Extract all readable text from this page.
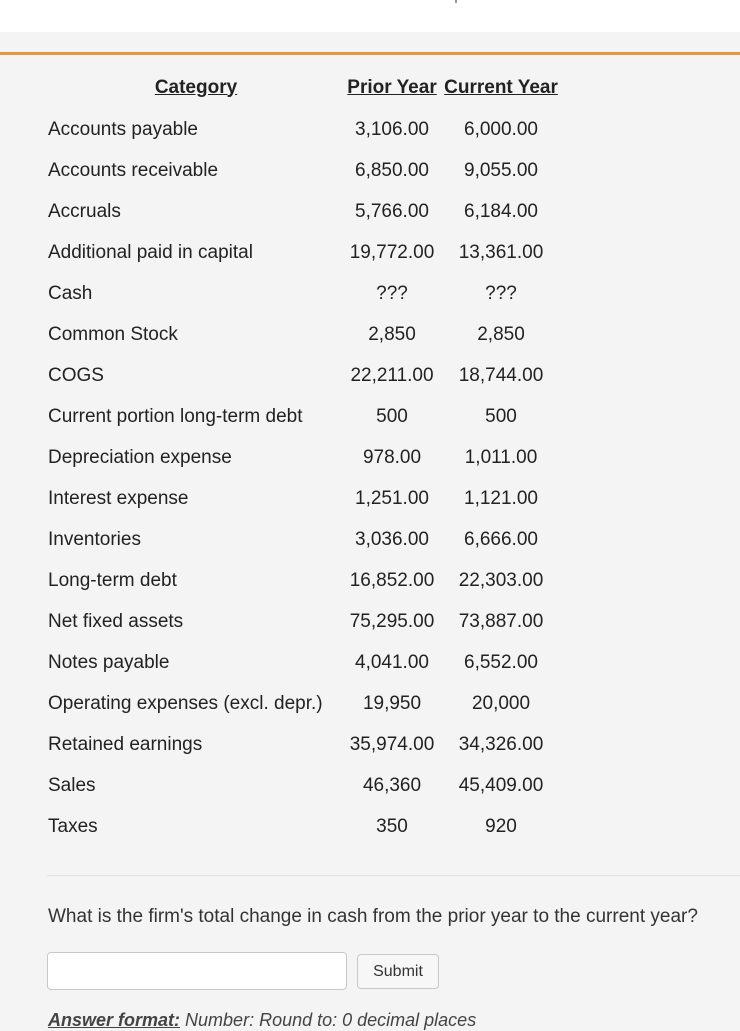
Category	Prior Year	Current Year
Accounts payable	3,106.00	6,000.00
Accounts receivable	6,850.00	9,055.00
Accruals	5,766.00	6,184.00
Additional paid in capital	19,772.00	13,361.00
Cash	???	???
Common Stock	2,850	2,850
COGS	22,211.00	18,744.00
Current portion long-term debt	500	500
Depreciation expense	978.00	1,011.00
Interest expense	1,251.00	1,121.00
Inventories	3,036.00	6,666.00
Long-term debt	16,852.00	22,303.00
Net fixed assets	75,295.00	73,887.00
Notes payable	4,041.00	6,552.00
Operating expenses (excl. depr.)	19,950	20,000
Retained earnings	35,974.00	34,326.00
Sales	46,360	45,409.00
Taxes	350	920
What is the firm's total change in cash from the prior year to the current year?
Submit
Answer format: Number: Round to: 0 decimal places
